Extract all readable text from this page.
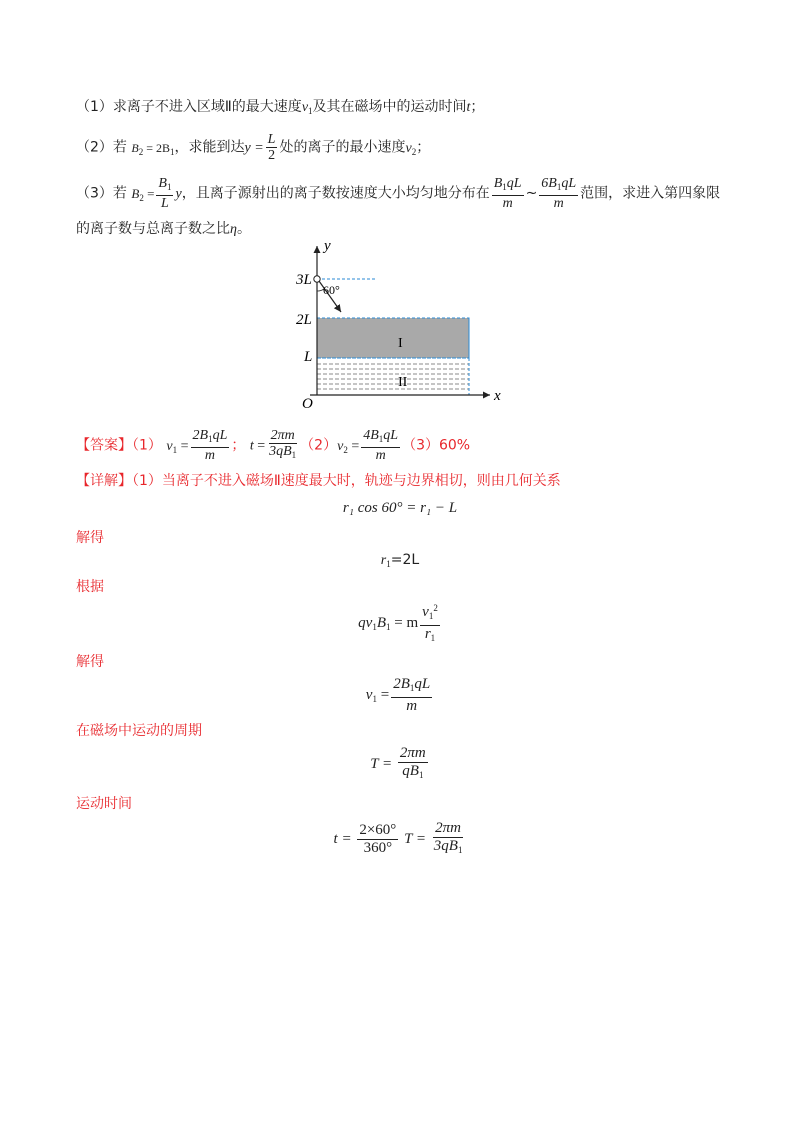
（1）求离子不进入区域Ⅱ的最大速度$v_1$及其在磁场中的运动时间t；
（2）若 $B_2 = 2B_1$，求能到达$y = \frac{L}{2}$ 处的离子的最小速度$v_2$；
（3）若 $B_2 = \frac{B_1}{L}$ y，且离子源射出的离子数按速度大小均匀地分布在 $\frac{B_1qL}{m}$ ~ $\frac{6B_1qL}{m}$ 范围，求进入第四象限
的离子数与总离子数之比η。
y
x
O
3L
2L
L
60°
I
II
【答案】（1） $v_1 = \frac{2B_1qL}{m}$ ； $t = \frac{2\pi m}{3qB_1} (2)v_2 = \frac{4B_1qL}{m} (3)60\%$
【详解】（1）当离子不进入磁场Ⅱ速度最大时，轨迹与边界相切，则由几何关系
r₁ cos 60° = r₁ − L
解得
$r_1=2L$
根据
$qv_1B_1 = m \frac{v_1^2}{r_1}$
解得
$v_1 = \frac{2B_1qL}{m}$
在磁场中运动的周期
$T = \frac{2\pi m}{qB_1}$
运动时间
$t = \frac{2\times 60^\circ}{360^\circ}$ $T = \frac{2\pi m}{3qB_1}$
